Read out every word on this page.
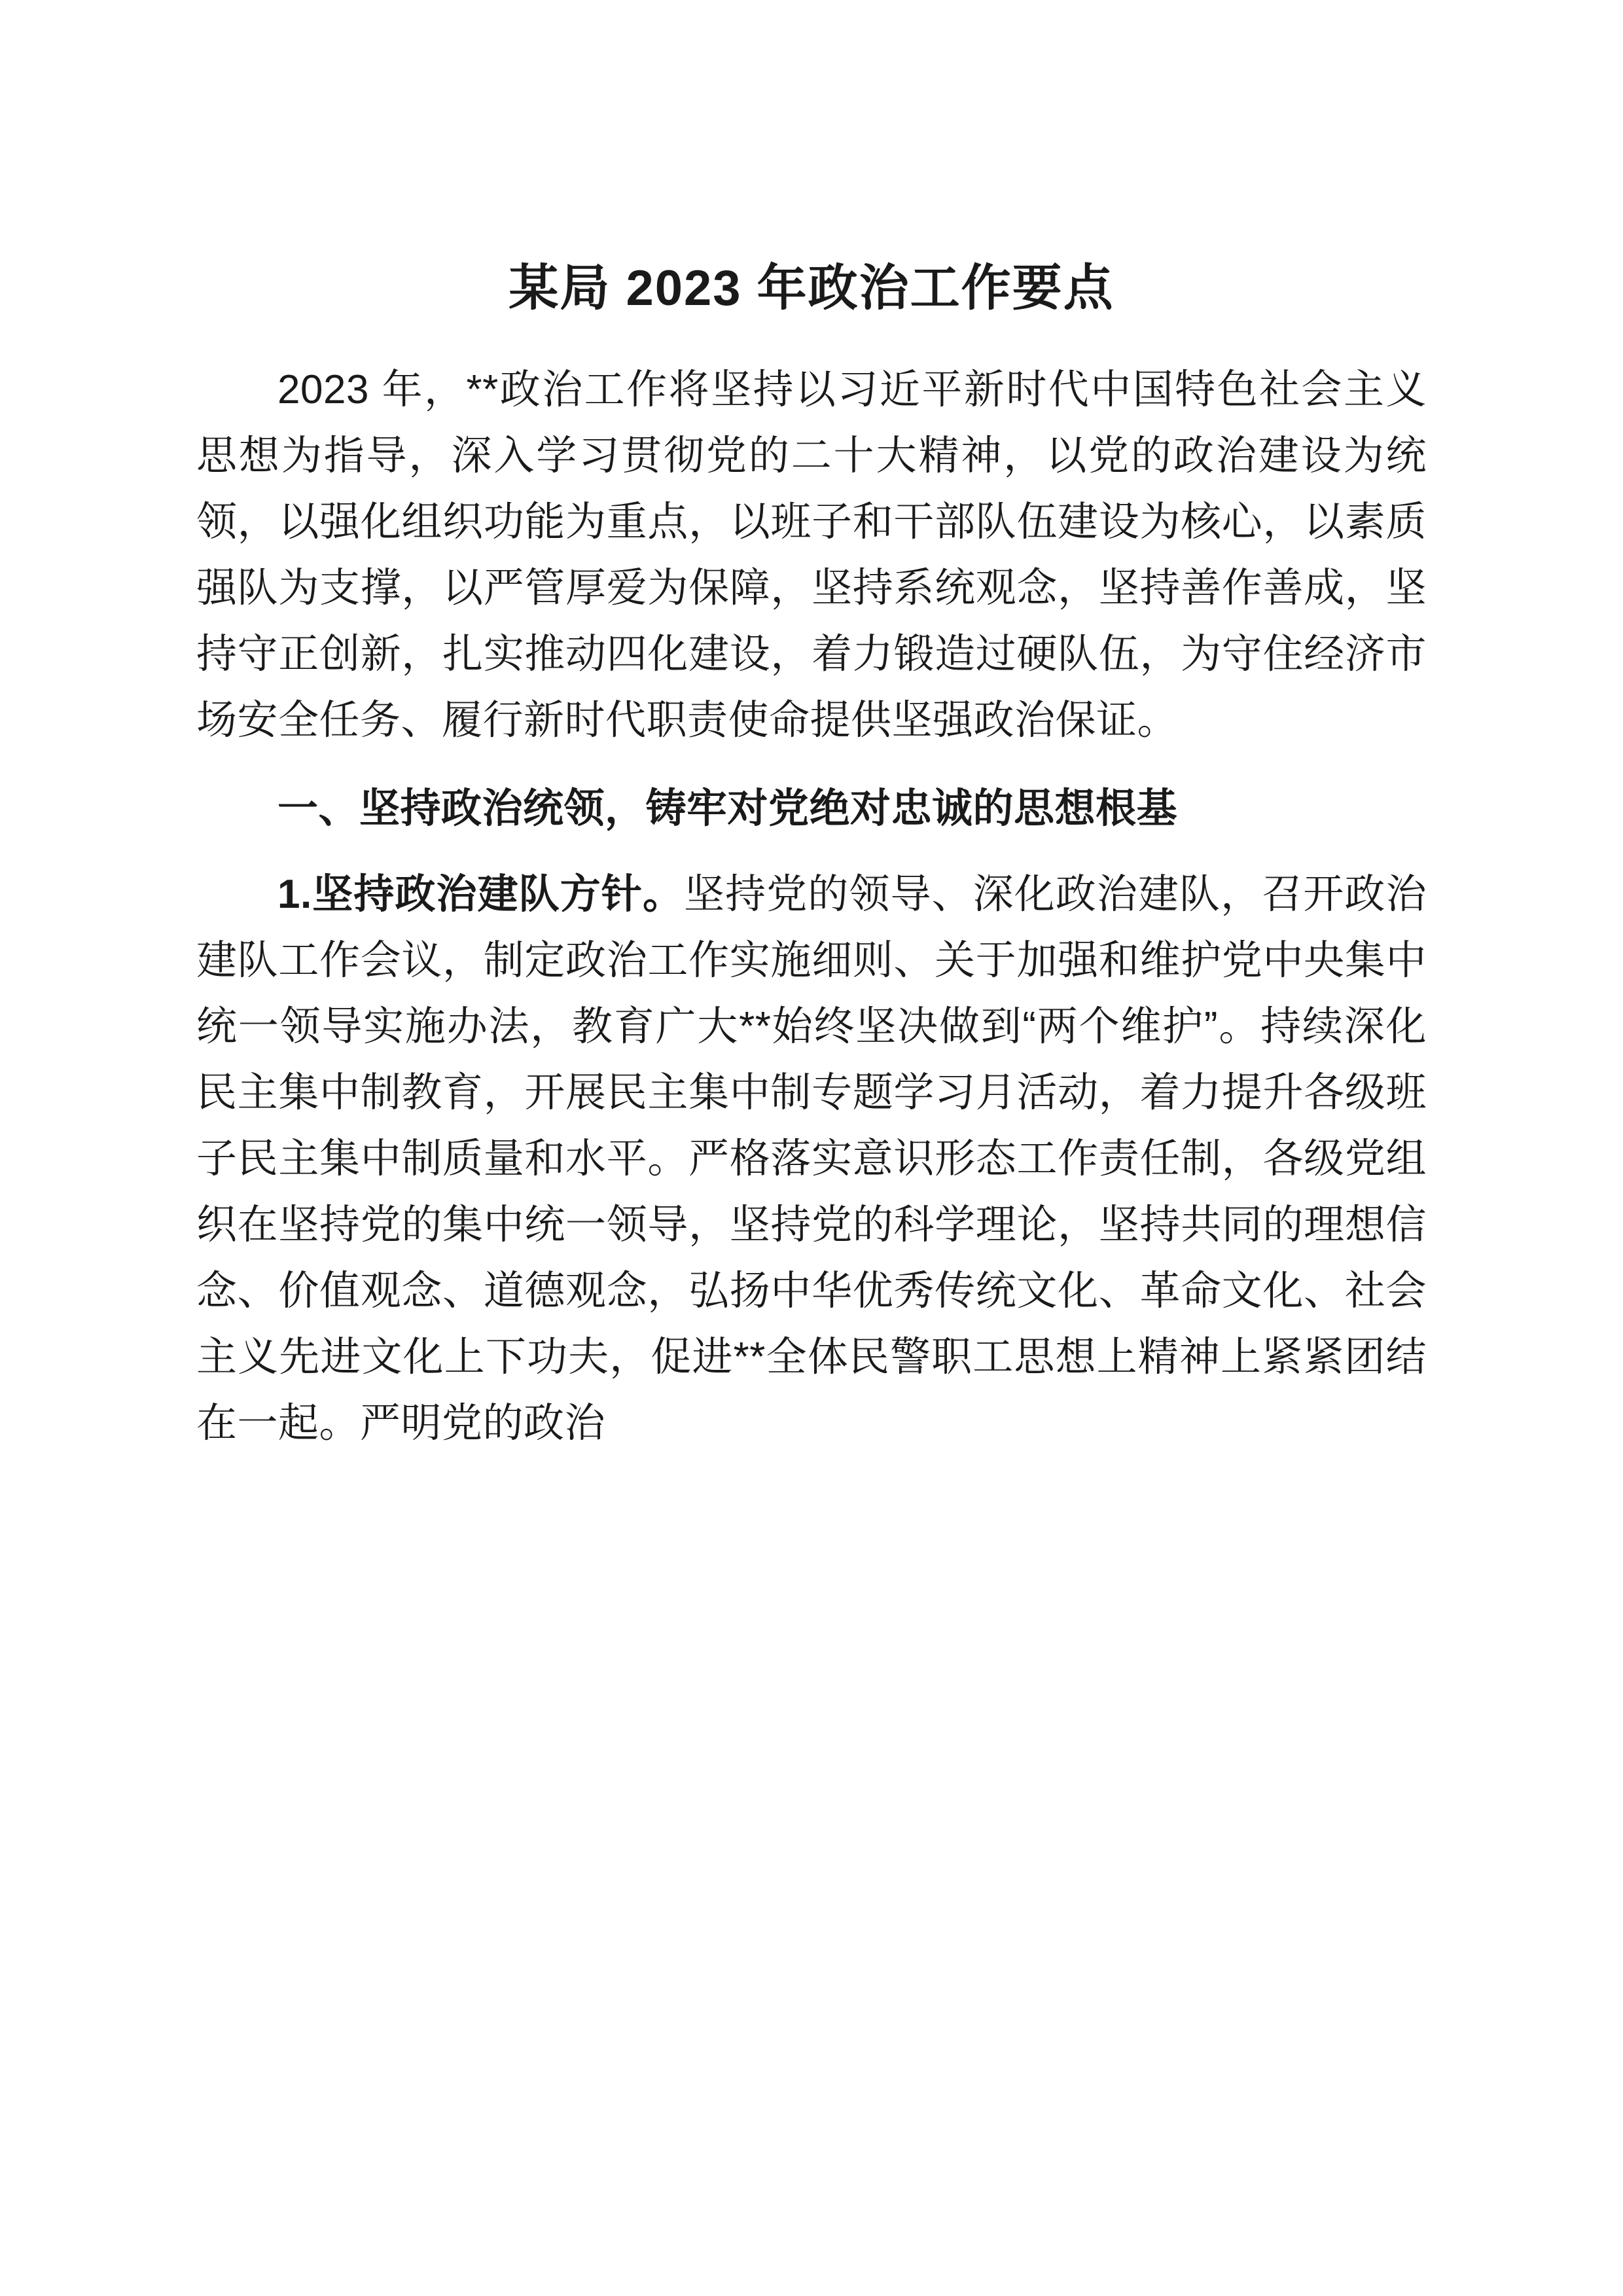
某局 2023 年政治工作要点

2023 年，**政治工作将坚持以习近平新时代中国特色社会主义思想为指导，深入学习贯彻党的二十大精神，以党的政治建设为统领，以强化组织功能为重点，以班子和干部队伍建设为核心，以素质强队为支撑，以严管厚爱为保障，坚持系统观念，坚持善作善成，坚持守正创新，扎实推动四化建设，着力锻造过硬队伍，为守住经济市场安全任务、履行新时代职责使命提供坚强政治保证。

一、坚持政治统领，铸牢对党绝对忠诚的思想根基

1.坚持政治建队方针。坚持党的领导、深化政治建队，召开政治建队工作会议，制定政治工作实施细则、关于加强和维护党中央集中统一领导实施办法，教育广大**始终坚决做到“两个维护”。持续深化民主集中制教育，开展民主集中制专题学习月活动，着力提升各级班子民主集中制质量和水平。严格落实意识形态工作责任制，各级党组织在坚持党的集中统一领导，坚持党的科学理论，坚持共同的理想信念、价值观念、道德观念，弘扬中华优秀传统文化、革命文化、社会主义先进文化上下功夫，促进**全体民警职工思想上精神上紧紧团结在一起。严明党的政治
